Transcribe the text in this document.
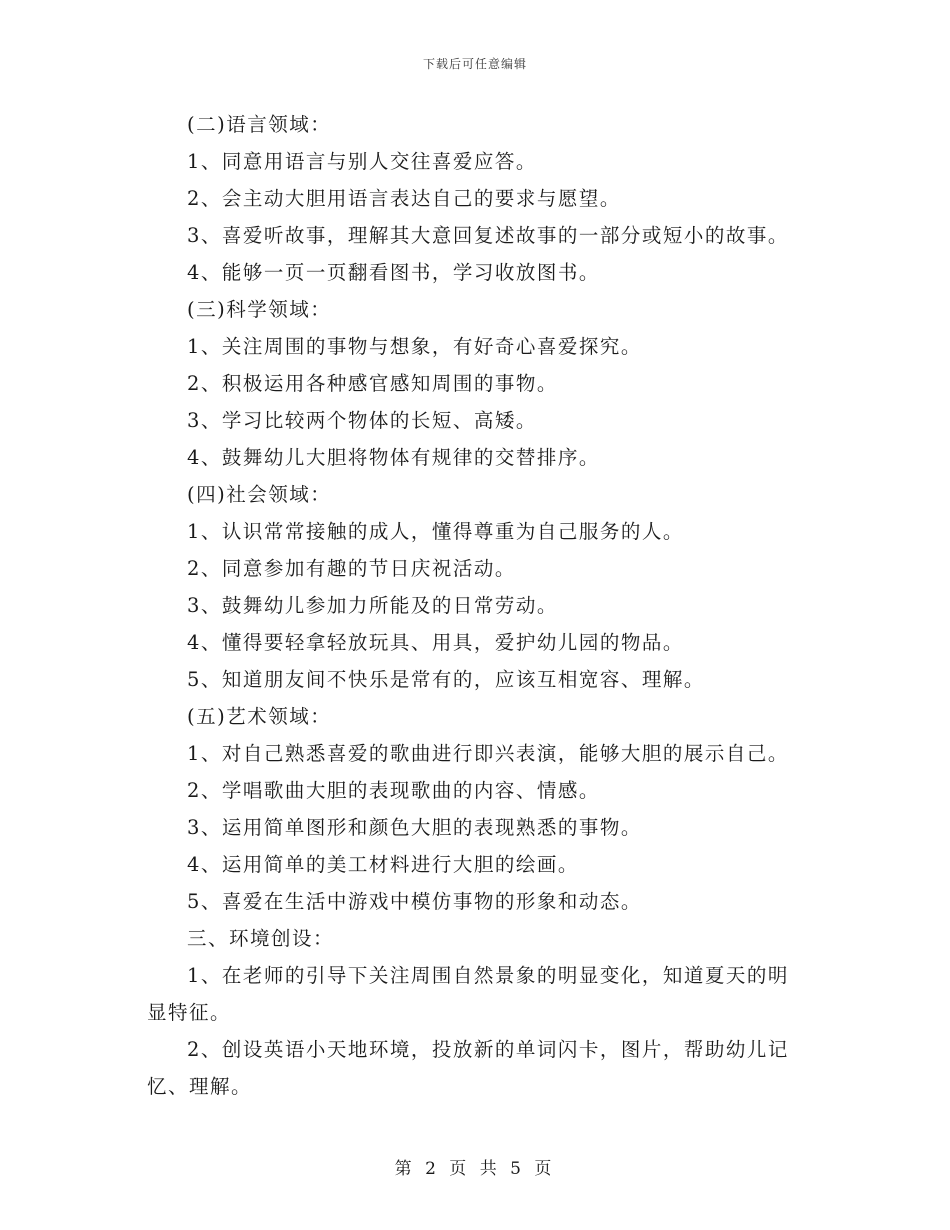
下载后可任意编辑
(二)语言领域：
1、同意用语言与别人交往喜爱应答。
2、会主动大胆用语言表达自己的要求与愿望。
3、喜爱听故事，理解其大意回复述故事的一部分或短小的故事。
4、能够一页一页翻看图书，学习收放图书。
(三)科学领域：
1、关注周围的事物与想象，有好奇心喜爱探究。
2、积极运用各种感官感知周围的事物。
3、学习比较两个物体的长短、高矮。
4、鼓舞幼儿大胆将物体有规律的交替排序。
(四)社会领域：
1、认识常常接触的成人，懂得尊重为自己服务的人。
2、同意参加有趣的节日庆祝活动。
3、鼓舞幼儿参加力所能及的日常劳动。
4、懂得要轻拿轻放玩具、用具，爱护幼儿园的物品。
5、知道朋友间不快乐是常有的，应该互相宽容、理解。
(五)艺术领域：
1、对自己熟悉喜爱的歌曲进行即兴表演，能够大胆的展示自己。
2、学唱歌曲大胆的表现歌曲的内容、情感。
3、运用简单图形和颜色大胆的表现熟悉的事物。
4、运用简单的美工材料进行大胆的绘画。
5、喜爱在生活中游戏中模仿事物的形象和动态。
三、环境创设：
1、在老师的引导下关注周围自然景象的明显变化，知道夏天的明
显特征。
2、创设英语小天地环境，投放新的单词闪卡，图片，帮助幼儿记
忆、理解。
第 2 页 共 5 页
